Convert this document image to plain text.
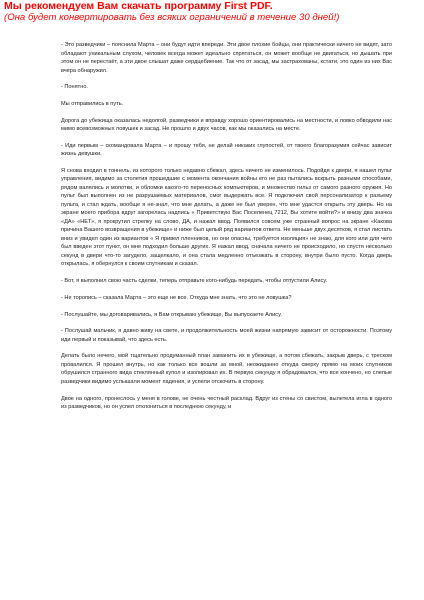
Мы рекомендуем Вам скачать программу First PDF.
(Она будет конвертировать без всяких ограничений в течение 30 дней!)

- Это разведчики – пояснила Марта – они будут идти впереди. Эти двое плохие бойцы, они практически ничего не видят, зато обладают уникальным слухом, человек всегда может идеально спрятаться, он может вообще не двигаться, но дышать при этом он не перестаёт, а эти двое слышат даже сердцебиение. Так что от засад, мы застрахованы, кстати, это один из них Вас вчера обнаружил.

- Понятно.

Мы отправились в путь.

Дорога до убежища оказалась недолгой, разведчики и вправду хорошо ориентировались на местности, и ловко обводили нас мимо всевозможных ловушек и засад. Не прошло и двух часов, как мы оказались на месте.

- Иди первым – скомандовала Марта – и прошу тебя, не делай никаких глупостей, от твоего благоразумия сейчас зависит жизнь девушки.

Я снова входил в тоннель, из которого только недавно сбежал, здесь ничего не изменилось. Подойдя к двери, я нашел пульт управления, видимо за столетия прошедшие с момента окончания войны его не раз пытались вскрыть разными способами, рядом валялись и молотки, и обломки какого-то переносных компьютеров, и множество гильз от самого разного оружия. Но пульт был выполнен из не разрушаемых материалов, смог выдержать все. Я подключил свой персонализатор к разъему пульта, и стал ждать, вообще я не-знал, что мне делать, а даже не был уверен, что мне удастся открыть эту дверь. Но на экране моего прибора вдруг загорелась надпись « Приветствую Вас Поселенец 7212, Вы хотите войти?» и внизу два значка «ДА» «НЕТ», я прокрутил стрелку на слово, ДА, и нажал ввод. Появился совсем уже странный вопрос на экране «Какова причина Вашего возвращения в убежище» и ниже был целый ряд вариантов ответа. Не меньше двух десятков, я стал листать вниз и увидел один из вариантов « Я привел пленников, но они опасны, требуется изоляция» не знаю, для кого или для чего был введен этот пункт, он мне подходил больше других. Я нажал ввод, сначала ничего не происходило, но спустя несколько секунд в двери что-то загудело, защелкало, и она стала медленно отъезжать в сторону, внутри было пусто. Когда дверь открылась, я обернулся к своим спутникам и сказал.

- Вот, я выполнил свою часть сделки, теперь отправьте кого-нибудь передать, чтобы отпустили Алису.

- Не торопись – сказала Марта – это еще не все. Откуда мне знать, что это не ловушка?

- Послушайте, мы договаривались, я Вам открываю убежище, Вы выпускаете Алису.

- Послушай мальчик, я давно живу на свете, и продолжительность моей жизни напрямую зависит от осторожности. Поэтому иди первый и показывай, что здесь есть.

Делать было нечего, мой тщательно продуманный план заманить их в убежище, а потом сбежать, закрыв дверь, с треском провалился. Я прошел внутрь, но как только все вошли за мной, неожиданно откуда сверху прямо на моих спутников обрушился странного вида стеклянный купол и изолировал их. В первую секунду я обрадовался, что все кончено, но слепые разведчики видимо услышали момент падения, и успели отскочить в сторону.

Двое на одного, пронеслось у меня в голове, не очень честный расклад. Вдруг из стены со свистом, вылетела игла в одного из разведчиков, но он успел отклониться в последнюю секунду, и
